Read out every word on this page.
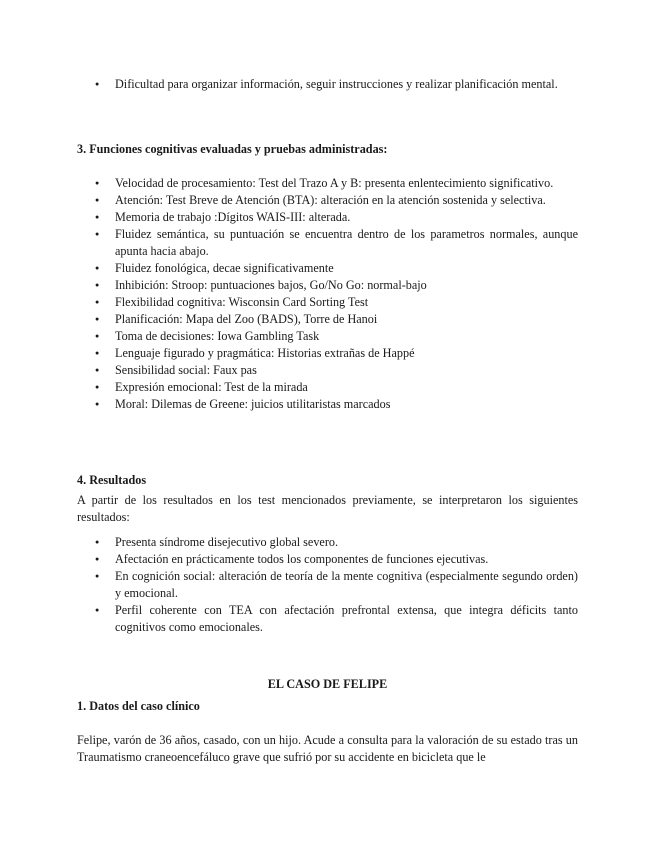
● Dificultad para organizar información, seguir instrucciones y realizar planificación mental.
3. Funciones cognitivas evaluadas y pruebas administradas:
● Velocidad de procesamiento: Test del Trazo A y B: presenta enlentecimiento significativo.
● Atención: Test Breve de Atención (BTA): alteración en la atención sostenida y selectiva.
● Memoria de trabajo :Dígitos WAIS-III: alterada.
● Fluidez semántica, su puntuación se encuentra dentro de los parametros normales, aunque apunta hacia abajo.
● Fluidez fonológica, decae significativamente
● Inhibición: Stroop: puntuaciones bajos, Go/No Go: normal-bajo
● Flexibilidad cognitiva: Wisconsin Card Sorting Test
● Planificación: Mapa del Zoo (BADS), Torre de Hanoi
● Toma de decisiones: Iowa Gambling Task
● Lenguaje figurado y pragmática: Historias extrañas de Happé
● Sensibilidad social: Faux pas
● Expresión emocional: Test de la mirada
● Moral: Dilemas de Greene: juicios utilitaristas marcados
4. Resultados

A partir de los resultados en los test mencionados previamente, se interpretaron los siguientes resultados:

● Presenta síndrome disejecutivo global severo.
● Afectación en prácticamente todos los componentes de funciones ejecutivas.
● En cognición social: alteración de teoría de la mente cognitiva (especialmente segundo orden) y emocional.
● Perfil coherente con TEA con afectación prefrontal extensa, que integra déficits tanto cognitivos como emocionales.

EL CASO DE FELIPE

1. Datos del caso clínico

Felipe, varón de 36 años, casado, con un hijo. Acude a consulta para la valoración de su estado tras un Traumatismo craneoencefáluco grave que sufrió por su accidente en bicicleta que le
